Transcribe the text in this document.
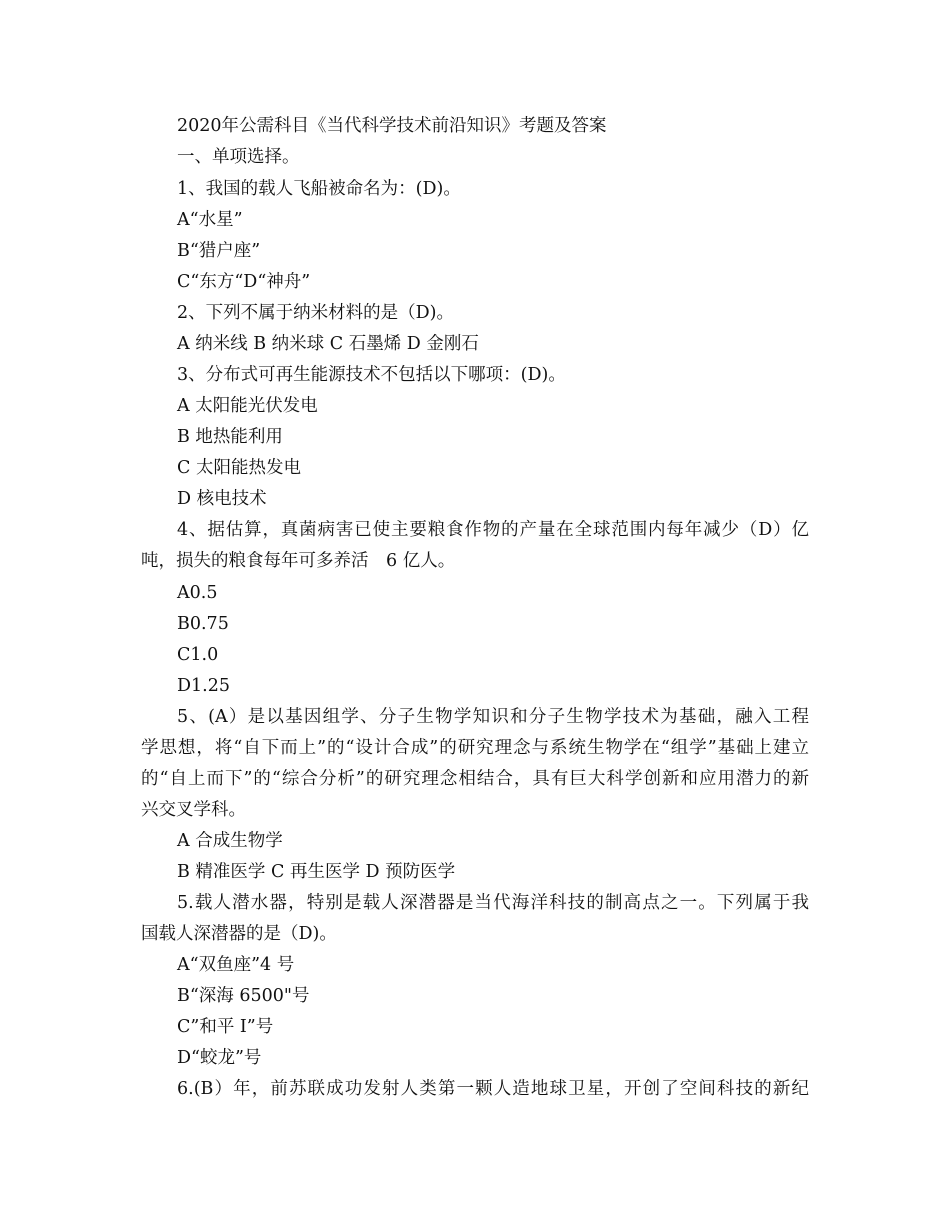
2020年公需科目《当代科学技术前沿知识》考题及答案
一、单项选择。
1、我国的载人飞船被命名为：(D)。
A“水星”
B“猎户座”
C“东方“D“神舟”
2、下列不属于纳米材料的是（D)。
A 纳米线 B 纳米球 C 石墨烯 D 金刚石
3、分布式可再生能源技术不包括以下哪项：(D)。
A 太阳能光伏发电
B 地热能利用
C 太阳能热发电
D 核电技术
4、据估算，真菌病害已使主要粮食作物的产量在全球范围内每年减少（D）亿
吨，损失的粮食每年可多养活　6 亿人。
A0.5
B0.75
C1.0
D1.25
5、(A）是以基因组学、分子生物学知识和分子生物学技术为基础，融入工程
学思想，将“自下而上”的“设计合成”的研究理念与系统生物学在“组学”基础上建立
的“自上而下”的“综合分析”的研究理念相结合，具有巨大科学创新和应用潜力的新
兴交叉学科。
A 合成生物学
B 精准医学 C 再生医学 D 预防医学
5.载人潜水器，特别是载人深潜器是当代海洋科技的制高点之一。下列属于我
国载人深潜器的是（D)。
A“双鱼座”4 号
B“深海 6500"号
C”和平 I”号
D“蛟龙”号
6.(B）年，前苏联成功发射人类第一颗人造地球卫星，开创了空间科技的新纪
